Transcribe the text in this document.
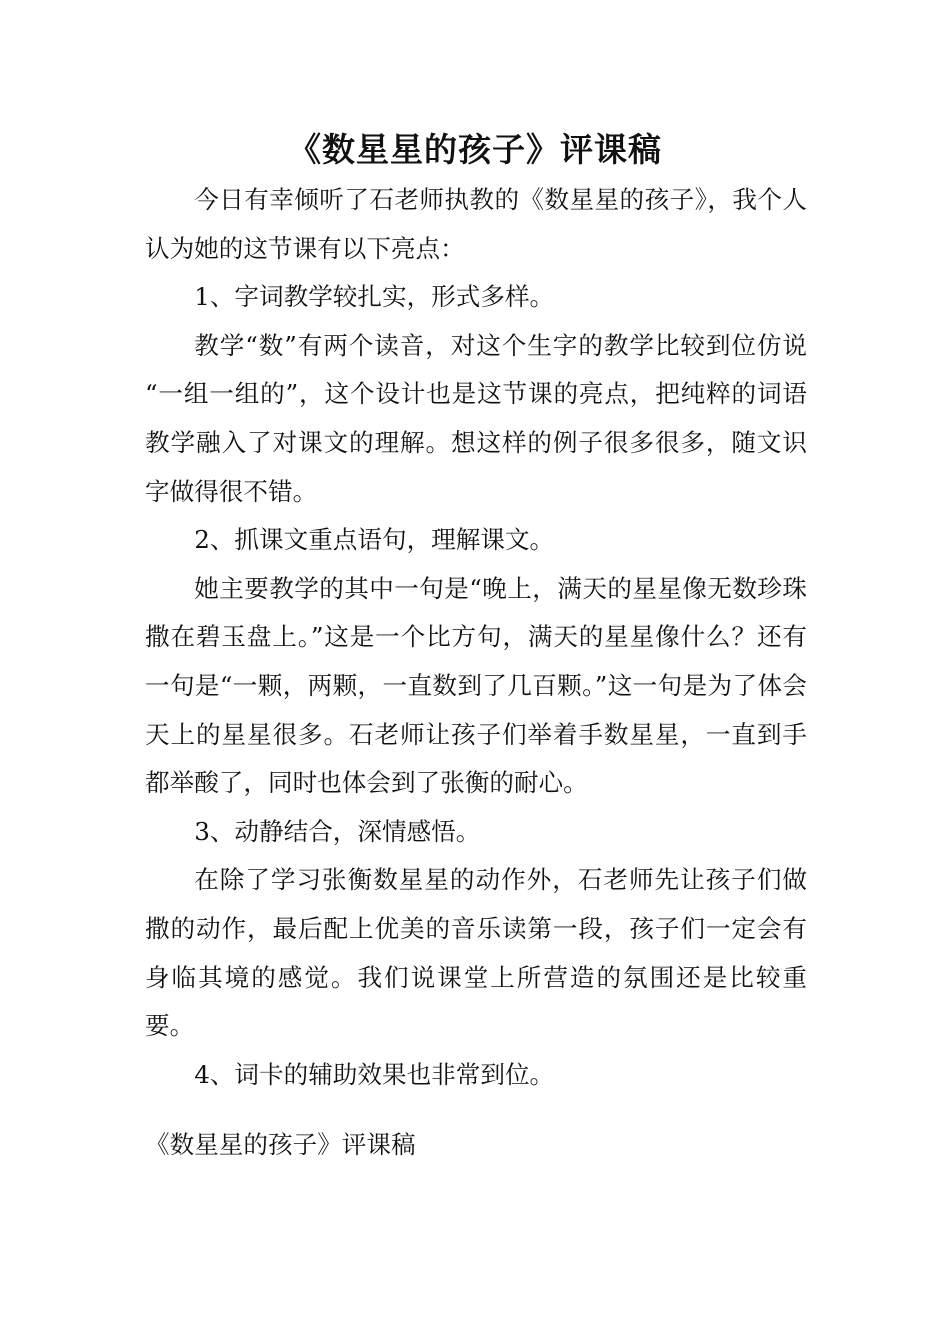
《数星星的孩子》评课稿

今日有幸倾听了石老师执教的《数星星的孩子》，我个人认为她的这节课有以下亮点：

1、字词教学较扎实，形式多样。

教学“数”有两个读音，对这个生字的教学比较到位仿说 “一组一组的”，这个设计也是这节课的亮点，把纯粹的词语教学融入了对课文的理解。想这样的例子很多很多，随文识字做得很不错。

2、抓课文重点语句，理解课文。

她主要教学的其中一句是“晚上，满天的星星像无数珍珠撒在碧玉盘上。”这是一个比方句，满天的星星像什么？还有一句是“一颗，两颗，一直数到了几百颗。”这一句是为了体会天上的星星很多。石老师让孩子们举着手数星星，一直到手都举酸了，同时也体会到了张衡的耐心。

3、动静结合，深情感悟。

在除了学习张衡数星星的动作外，石老师先让孩子们做撒的动作，最后配上优美的音乐读第一段，孩子们一定会有身临其境的感觉。我们说课堂上所营造的氛围还是比较重要。

4、词卡的辅助效果也非常到位。

《数星星的孩子》评课稿
